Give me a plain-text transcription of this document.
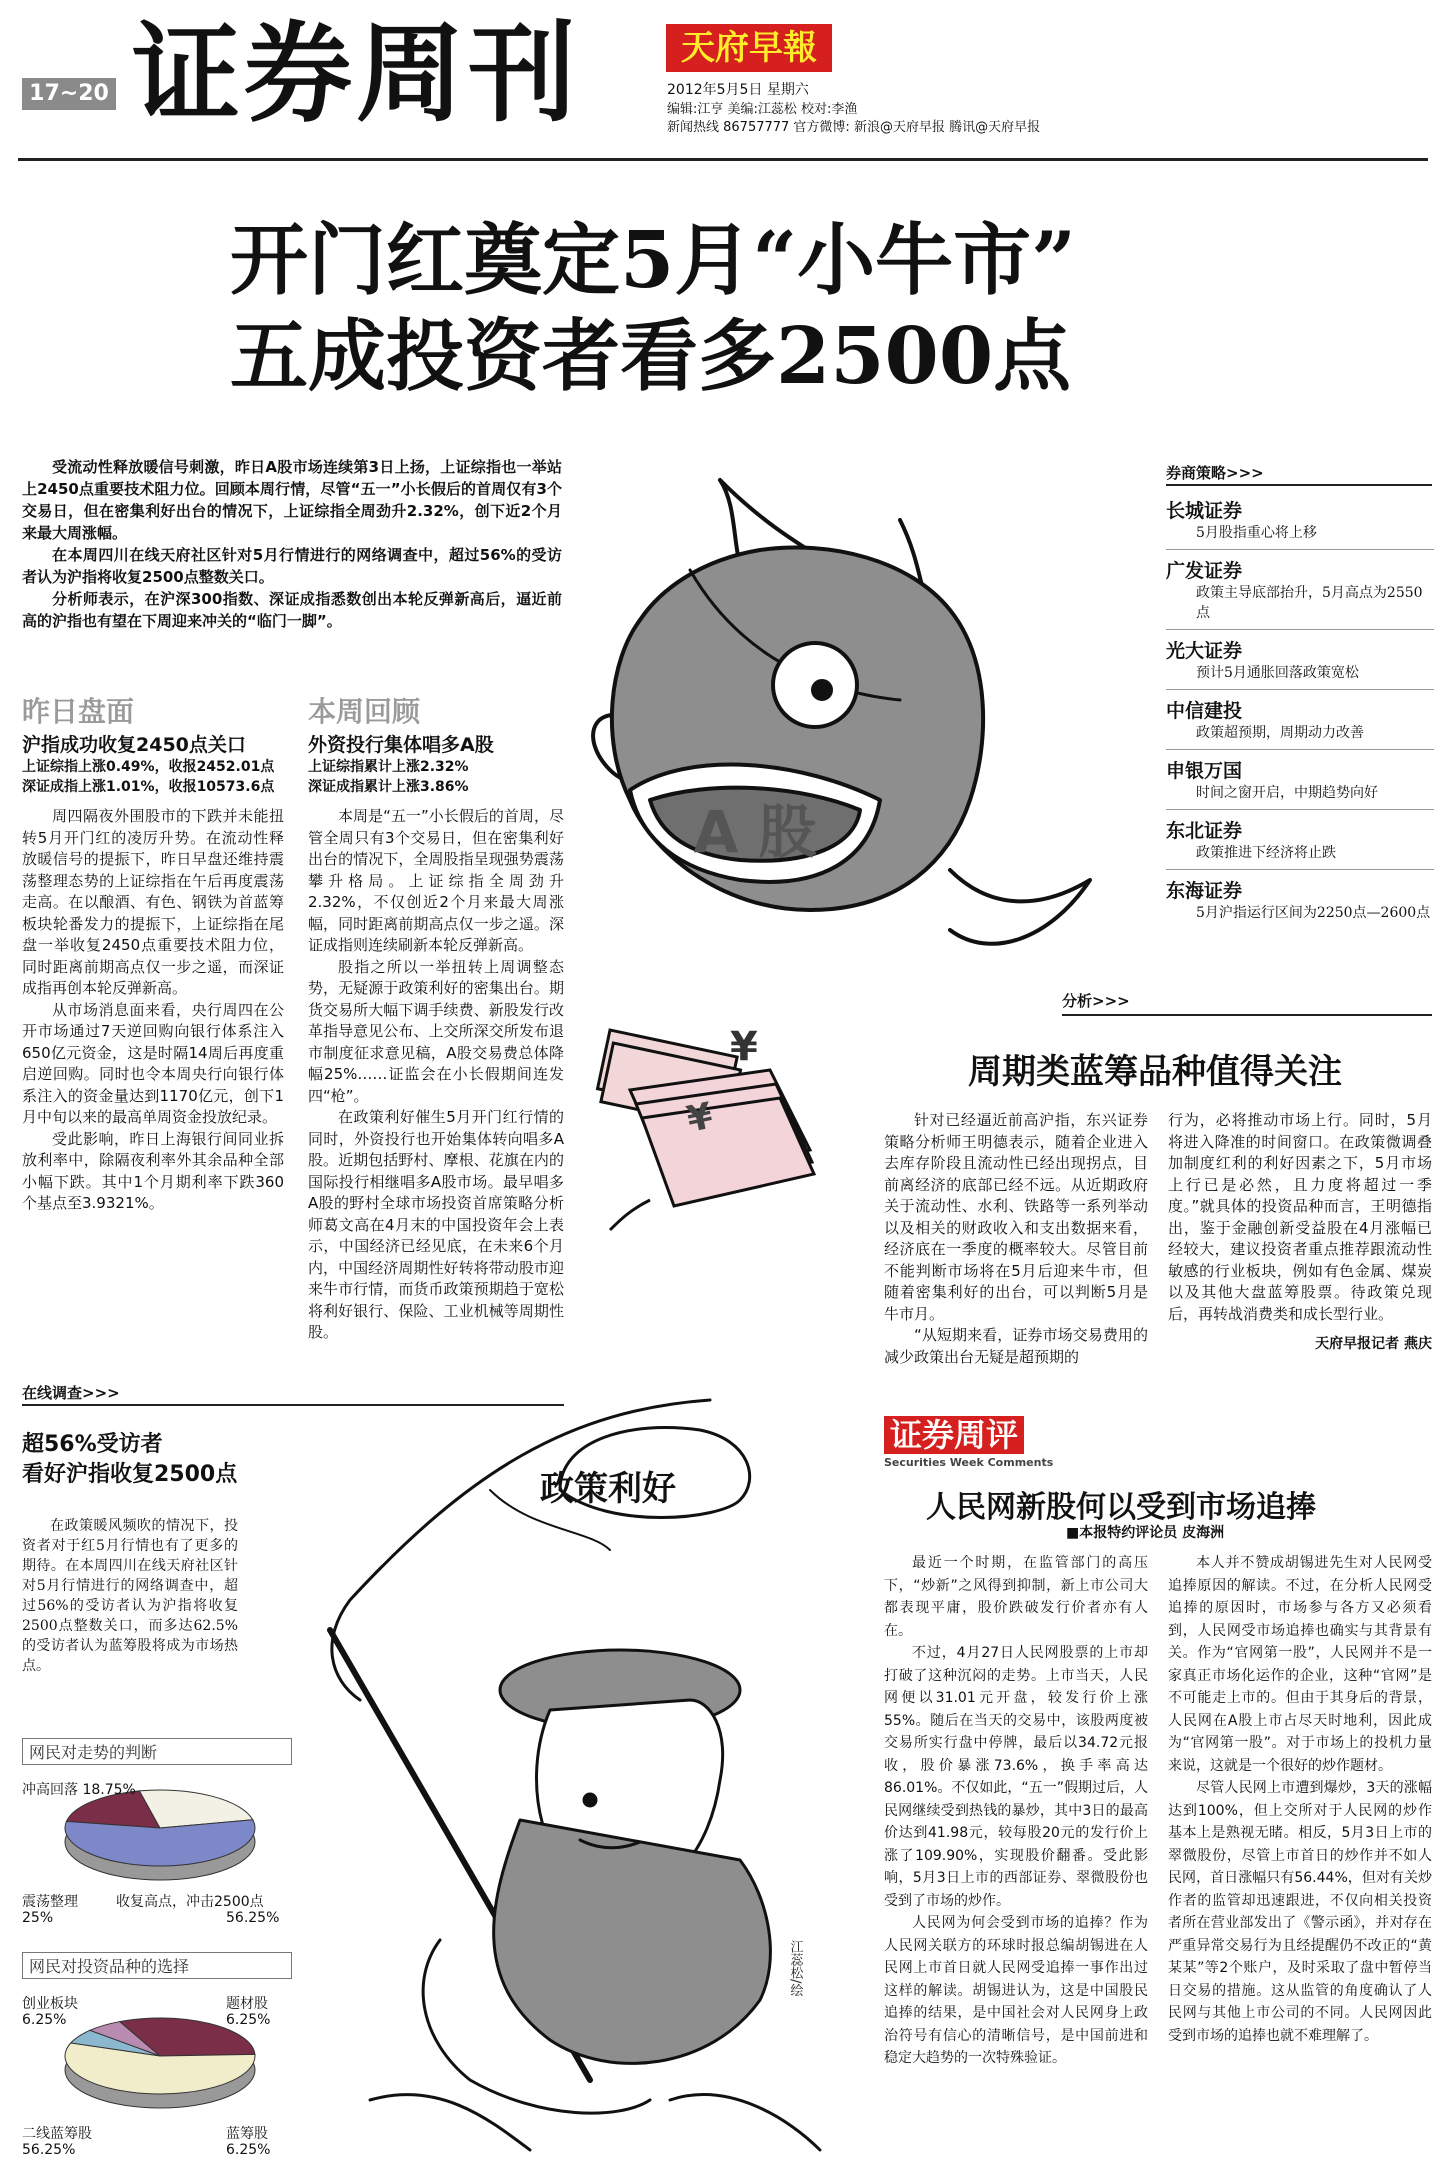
17~20 证券周刊	天府早報
2012年5月5日 星期六
编辑:江亨 美编:江蕊松 校对:李渔
新闻热线 86757777 官方微博: 新浪@天府早报 腾讯@天府早报
开门红奠定5月“小牛市”
五成投资者看多2500点

受流动性释放暖信号刺激，昨日A股市场连续第3日上扬，上证综指也一举站上2450点重要技术阻力位。回顾本周行情，尽管“五一”小长假后的首周仅有3个交易日，但在密集利好出台的情况下，上证综指全周劲升2.32%，创下近2个月来最大周涨幅。

在本周四川在线天府社区针对5月行情进行的网络调查中，超过56%的受访者认为沪指将收复2500点整数关口。

分析师表示，在沪深300指数、深证成指悉数创出本轮反弹新高后，逼近前高的沪指也有望在下周迎来冲关的“临门一脚”。

昨日盘面
沪指成功收复2450点关口
上证综指上涨0.49%，收报2452.01点
深证成指上涨1.01%，收报10573.6点

周四隔夜外围股市的下跌并未能扭转5月开门红的凌厉升势。在流动性释放暖信号的提振下，昨日早盘还维持震荡整理态势的上证综指在午后再度震荡走高。在以酿酒、有色、钢铁为首蓝筹板块轮番发力的提振下，上证综指在尾盘一举收复2450点重要技术阻力位，同时距离前期高点仅一步之遥，而深证成指再创本轮反弹新高。

从市场消息面来看，央行周四在公开市场通过7天逆回购向银行体系注入650亿元资金，这是时隔14周后再度重启逆回购。同时也令本周央行向银行体系注入的资金量达到1170亿元，创下1月中旬以来的最高单周资金投放纪录。

受此影响，昨日上海银行间同业拆放利率中，除隔夜利率外其余品种全部小幅下跌。其中1个月期利率下跌360个基点至3.9321%。

本周回顾
外资投行集体唱多A股
上证综指累计上涨2.32%
深证成指累计上涨3.86%

本周是“五一”小长假后的首周，尽管全周只有3个交易日，但在密集利好出台的情况下，全周股指呈现强势震荡攀升格局。上证综指全周劲升2.32%，不仅创近2个月来最大周涨幅，同时距离前期高点仅一步之遥。深证成指则连续刷新本轮反弹新高。

股指之所以一举扭转上周调整态势，无疑源于政策利好的密集出台。期货交易所大幅下调手续费、新股发行改革指导意见公布、上交所深交所发布退市制度征求意见稿，A股交易费总体降幅25%……证监会在小长假期间连发四“枪”。

在政策利好催生5月开门红行情的同时，外资投行也开始集体转向唱多A股。近期包括野村、摩根、花旗在内的国际投行相继唱多A股市场。最早唱多A股的野村全球市场投资首席策略分析师葛文高在4月末的中国投资年会上表示，中国经济已经见底，在未来6个月内，中国经济周期性好转将带动股市迎来牛市行情，而货币政策预期趋于宽松将利好银行、保险、工业机械等周期性股。

A 股
¥
¥
券商策略>>>
长城证券
5月股指重心将上移
广发证券
政策主导底部抬升，5月高点为2550点
光大证券
预计5月通胀回落政策宽松
中信建投
政策超预期，周期动力改善
申银万国
时间之窗开启，中期趋势向好
东北证券
政策推进下经济将止跌
东海证券
5月沪指运行区间为2250点—2600点
分析>>>
周期类蓝筹品种值得关注

针对已经逼近前高沪指，东兴证券策略分析师王明德表示，随着企业进入去库存阶段且流动性已经出现拐点，目前离经济的底部已经不远。从近期政府关于流动性、水利、铁路等一系列举动以及相关的财政收入和支出数据来看，经济底在一季度的概率较大。尽管目前不能判断市场将在5月后迎来牛市，但随着密集利好的出台，可以判断5月是牛市月。

“从短期来看，证券市场交易费用的减少政策出台无疑是超预期的

行为，必将推动市场上行。同时，5月将进入降准的时间窗口。在政策微调叠加制度红利的利好因素之下，5月市场上行已是必然，且力度将超过一季度。”就具体的投资品种而言，王明德指出，鉴于金融创新受益股在4月涨幅已经较大，建议投资者重点推荐跟流动性敏感的行业板块，例如有色金属、煤炭以及其他大盘蓝筹股票。待政策兑现后，再转战消费类和成长型行业。

天府早报记者 燕庆
在线调查>>>
超56%受访者
看好沪指收复2500点
在政策暖风频吹的情况下，投资者对于红5月行情也有了更多的期待。在本周四川在线天府社区针对5月行情进行的网络调查中，超过56%的受访者认为沪指将收复2500点整数关口，而多达62.5%的受访者认为蓝筹股将成为市场热点。
网民对走势的判断
冲高回落 18.75%
震荡整理
25%
收复高点，冲击2500点
56.25%
网民对投资品种的选择
创业板块
6.25%
题材股
6.25%
二线蓝筹股
56.25%
蓝筹股
6.25%
政策利好
江蕊松/绘
证券周评
Securities Week Comments
人民网新股何以受到市场追捧
■本报特约评论员 皮海洲

最近一个时期，在监管部门的高压下，“炒新”之风得到抑制，新上市公司大都表现平庸，股价跌破发行价者亦有人在。

不过，4月27日人民网股票的上市却打破了这种沉闷的走势。上市当天，人民网便以31.01元开盘，较发行价上涨55%。随后在当天的交易中，该股两度被交易所实行盘中停牌，最后以34.72元报收，股价暴涨73.6%，换手率高达86.01%。不仅如此，“五一”假期过后，人民网继续受到热钱的暴炒，其中3日的最高价达到41.98元，较每股20元的发行价上涨了109.90%，实现股价翻番。受此影响，5月3日上市的西部证券、翠微股份也受到了市场的炒作。

人民网为何会受到市场的追捧？作为人民网关联方的环球时报总编胡锡进在人民网上市首日就人民网受追捧一事作出过这样的解读。胡锡进认为，这是中国股民追捧的结果，是中国社会对人民网身上政治符号有信心的清晰信号，是中国前进和稳定大趋势的一次特殊验证。

本人并不赞成胡锡进先生对人民网受追捧原因的解读。不过，在分析人民网受追捧的原因时，市场参与各方又必须看到，人民网受市场追捧也确实与其背景有关。作为“官网第一股”，人民网并不是一家真正市场化运作的企业，这种“官网”是不可能走上市的。但由于其身后的背景，人民网在A股上市占尽天时地利，因此成为“官网第一股”。对于市场上的投机力量来说，这就是一个很好的炒作题材。

尽管人民网上市遭到爆炒，3天的涨幅达到100%，但上交所对于人民网的炒作基本上是熟视无睹。相反，5月3日上市的翠微股份，尽管上市首日的炒作并不如人民网，首日涨幅只有56.44%，但对有关炒作者的监管却迅速跟进，不仅向相关投资者所在营业部发出了《警示函》，并对存在严重异常交易行为且经提醒仍不改正的“黄某某”等2个账户，及时采取了盘中暂停当日交易的措施。这从监管的角度确认了人民网与其他上市公司的不同。人民网因此受到市场的追捧也就不难理解了。
